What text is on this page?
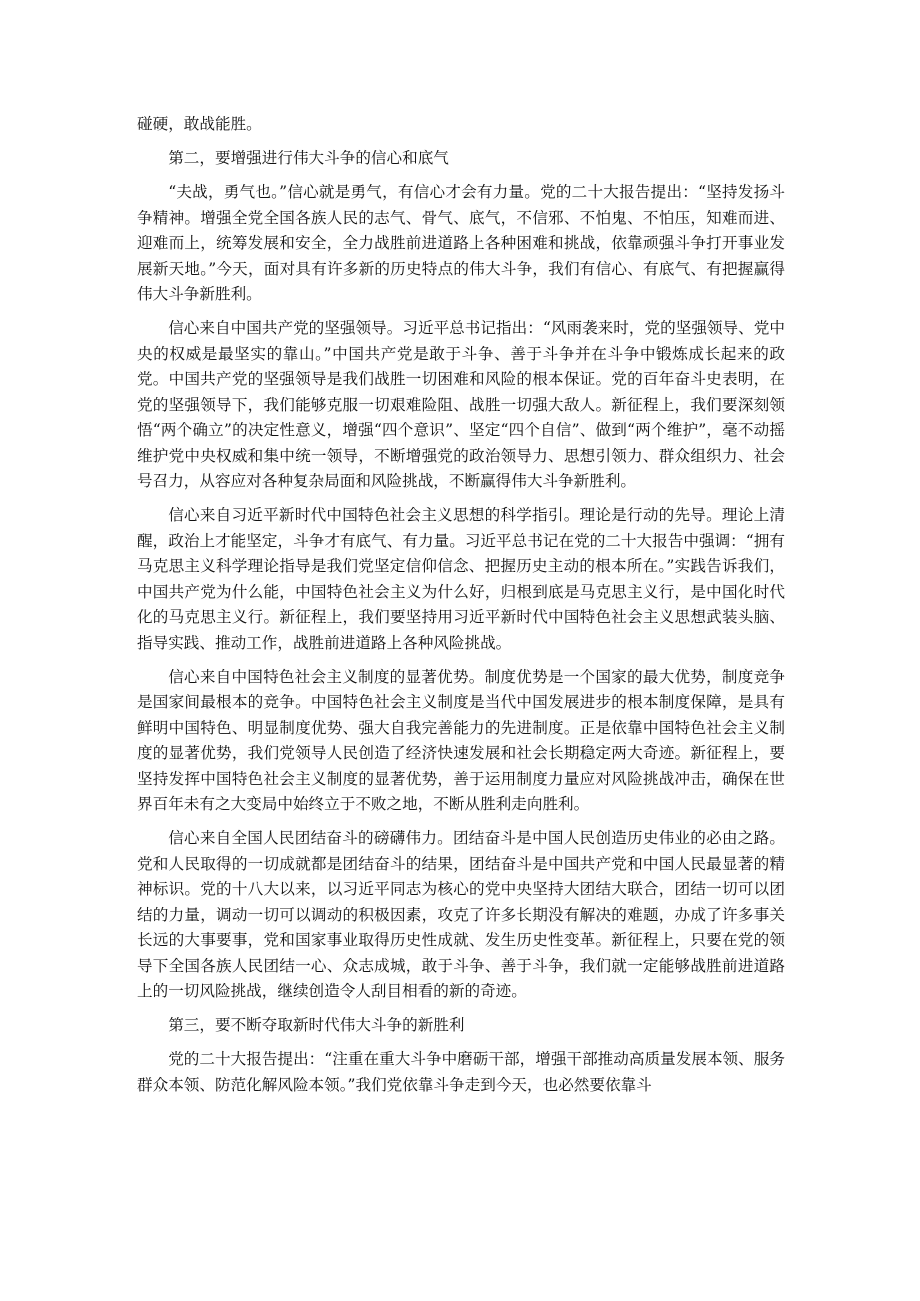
碰硬，敢战能胜。

第二，要增强进行伟大斗争的信心和底气

“夫战，勇气也。”信心就是勇气，有信心才会有力量。党的二十大报告提出：“坚持发扬斗争精神。增强全党全国各族人民的志气、骨气、底气，不信邪、不怕鬼、不怕压，知难而进、迎难而上，统筹发展和安全，全力战胜前进道路上各种困难和挑战，依靠顽强斗争打开事业发展新天地。”今天，面对具有许多新的历史特点的伟大斗争，我们有信心、有底气、有把握赢得伟大斗争新胜利。

信心来自中国共产党的坚强领导。习近平总书记指出：“风雨袭来时，党的坚强领导、党中央的权威是最坚实的靠山。”中国共产党是敢于斗争、善于斗争并在斗争中锻炼成长起来的政党。中国共产党的坚强领导是我们战胜一切困难和风险的根本保证。党的百年奋斗史表明，在党的坚强领导下，我们能够克服一切艰难险阻、战胜一切强大敌人。新征程上，我们要深刻领悟“两个确立”的决定性意义，增强“四个意识”、坚定“四个自信”、做到“两个维护”，毫不动摇维护党中央权威和集中统一领导，不断增强党的政治领导力、思想引领力、群众组织力、社会号召力，从容应对各种复杂局面和风险挑战，不断赢得伟大斗争新胜利。

信心来自习近平新时代中国特色社会主义思想的科学指引。理论是行动的先导。理论上清醒，政治上才能坚定，斗争才有底气、有力量。习近平总书记在党的二十大报告中强调：“拥有马克思主义科学理论指导是我们党坚定信仰信念、把握历史主动的根本所在。”实践告诉我们，中国共产党为什么能，中国特色社会主义为什么好，归根到底是马克思主义行，是中国化时代化的马克思主义行。新征程上，我们要坚持用习近平新时代中国特色社会主义思想武装头脑、指导实践、推动工作，战胜前进道路上各种风险挑战。

信心来自中国特色社会主义制度的显著优势。制度优势是一个国家的最大优势，制度竞争是国家间最根本的竞争。中国特色社会主义制度是当代中国发展进步的根本制度保障，是具有鲜明中国特色、明显制度优势、强大自我完善能力的先进制度。正是依靠中国特色社会主义制度的显著优势，我们党领导人民创造了经济快速发展和社会长期稳定两大奇迹。新征程上，要坚持发挥中国特色社会主义制度的显著优势，善于运用制度力量应对风险挑战冲击，确保在世界百年未有之大变局中始终立于不败之地，不断从胜利走向胜利。

信心来自全国人民团结奋斗的磅礴伟力。团结奋斗是中国人民创造历史伟业的必由之路。党和人民取得的一切成就都是团结奋斗的结果，团结奋斗是中国共产党和中国人民最显著的精神标识。党的十八大以来，以习近平同志为核心的党中央坚持大团结大联合，团结一切可以团结的力量，调动一切可以调动的积极因素，攻克了许多长期没有解决的难题，办成了许多事关长远的大事要事，党和国家事业取得历史性成就、发生历史性变革。新征程上，只要在党的领导下全国各族人民团结一心、众志成城，敢于斗争、善于斗争，我们就一定能够战胜前进道路上的一切风险挑战，继续创造令人刮目相看的新的奇迹。

第三，要不断夺取新时代伟大斗争的新胜利

党的二十大报告提出：“注重在重大斗争中磨砺干部，增强干部推动高质量发展本领、服务群众本领、防范化解风险本领。”我们党依靠斗争走到今天，也必然要依靠斗
